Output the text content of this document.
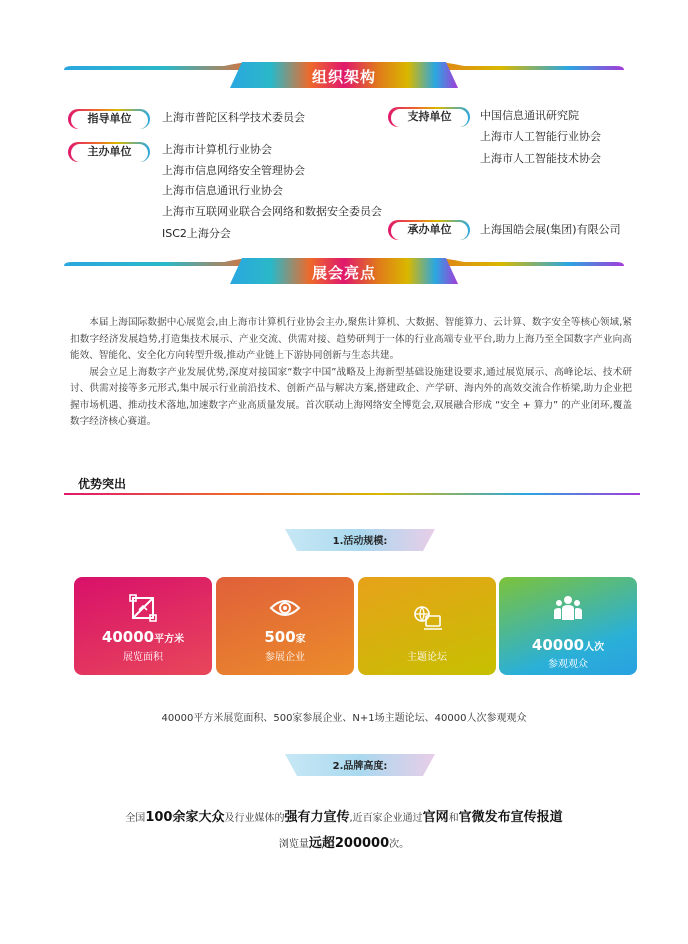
组织架构
指导单位	上海市普陀区科学技术委员会
主办单位	上海市计算机行业协会
上海市信息网络安全管理协会
上海市信息通讯行业协会
上海市互联网业联合会网络和数据安全委员会
ISC2上海分会
支持单位	中国信息通讯研究院
上海市人工智能行业协会
上海市人工智能技术协会
承办单位	上海国皓会展(集团)有限公司
展会亮点

本届上海国际数据中心展览会,由上海市计算机行业协会主办,聚焦计算机、大数据、智能算力、云计算、数字安全等核心领域,紧扣数字经济发展趋势,打造集技术展示、产业交流、供需对接、趋势研判于一体的行业高端专业平台,助力上海乃至全国数字产业向高能效、智能化、安全化方向转型升级,推动产业链上下游协同创新与生态共建。

展会立足上海数字产业发展优势,深度对接国家“数字中国”战略及上海新型基础设施建设要求,通过展览展示、高峰论坛、技术研讨、供需对接等多元形式,集中展示行业前沿技术、创新产品与解决方案,搭建政企、产学研、海内外的高效交流合作桥梁,助力企业把握市场机遇、推动技术落地,加速数字产业高质量发展。首次联动上海网络安全博览会,双展融合形成 “安全 + 算力” 的产业闭环,覆盖数字经济核心赛道。

优势突出
1.活动规模:
40000平方米
展览面积
500家
参展企业	主题论坛
40000人次
参观观众
40000平方米展览面积、500家参展企业、N+1场主题论坛、40000人次参观观众
2.品牌高度:
全国100余家大众及行业媒体的强有力宣传,近百家企业通过官网和官微发布宣传报道
浏览量远超200000次。
